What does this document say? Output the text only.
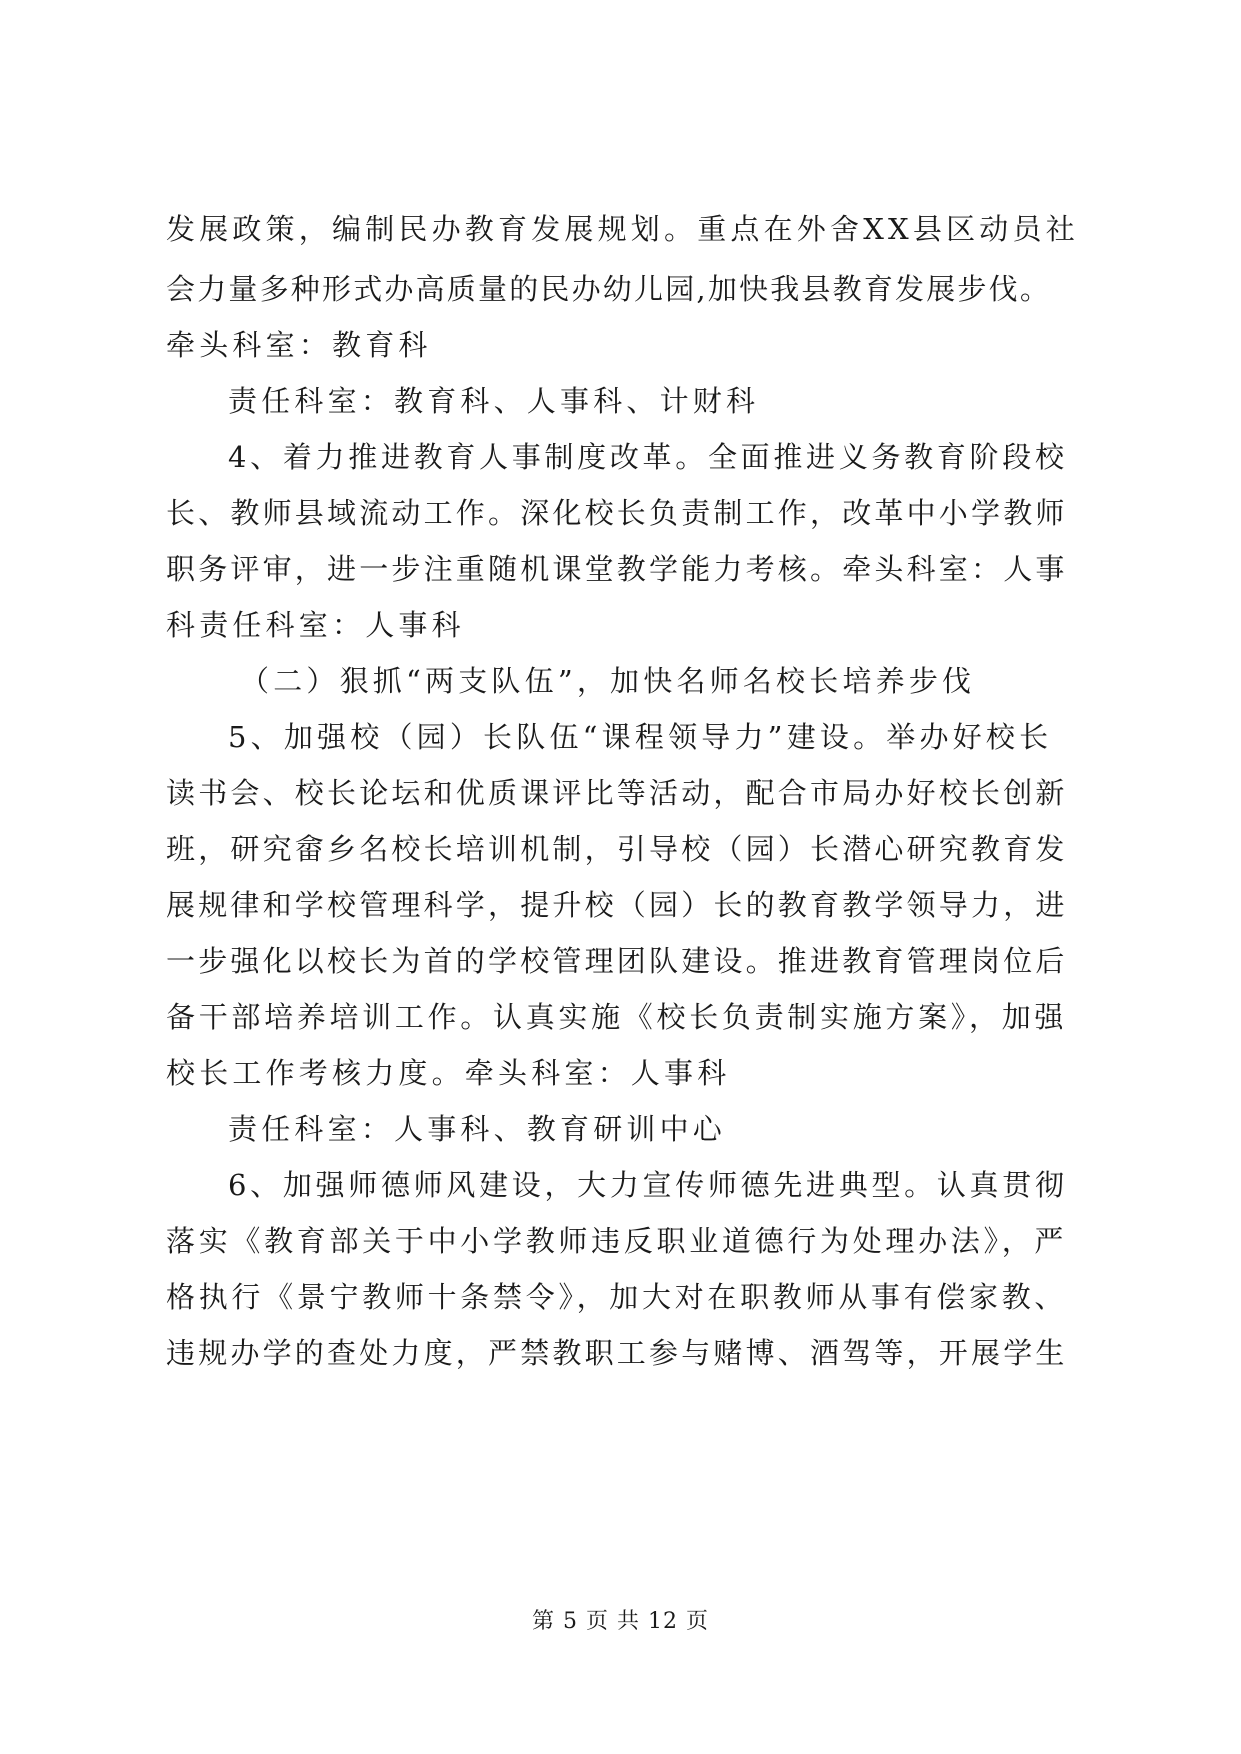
发展政策，编制民办教育发展规划。重点在外舍XX县区动员社
会力量多种形式办高质量的民办幼儿园,加快我县教育发展步伐。
牵头科室：教育科
责任科室：教育科、人事科、计财科
4、着力推进教育人事制度改革。全面推进义务教育阶段校
长、教师县域流动工作。深化校长负责制工作，改革中小学教师
职务评审，进一步注重随机课堂教学能力考核。牵头科室：人事
科责任科室：人事科
（二）狠抓“两支队伍”，加快名师名校长培养步伐
5、加强校（园）长队伍“课程领导力”建设。举办好校长
读书会、校长论坛和优质课评比等活动，配合市局办好校长创新
班，研究畲乡名校长培训机制，引导校（园）长潜心研究教育发
展规律和学校管理科学，提升校（园）长的教育教学领导力，进
一步强化以校长为首的学校管理团队建设。推进教育管理岗位后
备干部培养培训工作。认真实施《校长负责制实施方案》，加强
校长工作考核力度。牵头科室：人事科
责任科室：人事科、教育研训中心
6、加强师德师风建设，大力宣传师德先进典型。认真贯彻
落实《教育部关于中小学教师违反职业道德行为处理办法》，严
格执行《景宁教师十条禁令》，加大对在职教师从事有偿家教、
违规办学的查处力度，严禁教职工参与赌博、酒驾等，开展学生
第 5 页 共 12 页
